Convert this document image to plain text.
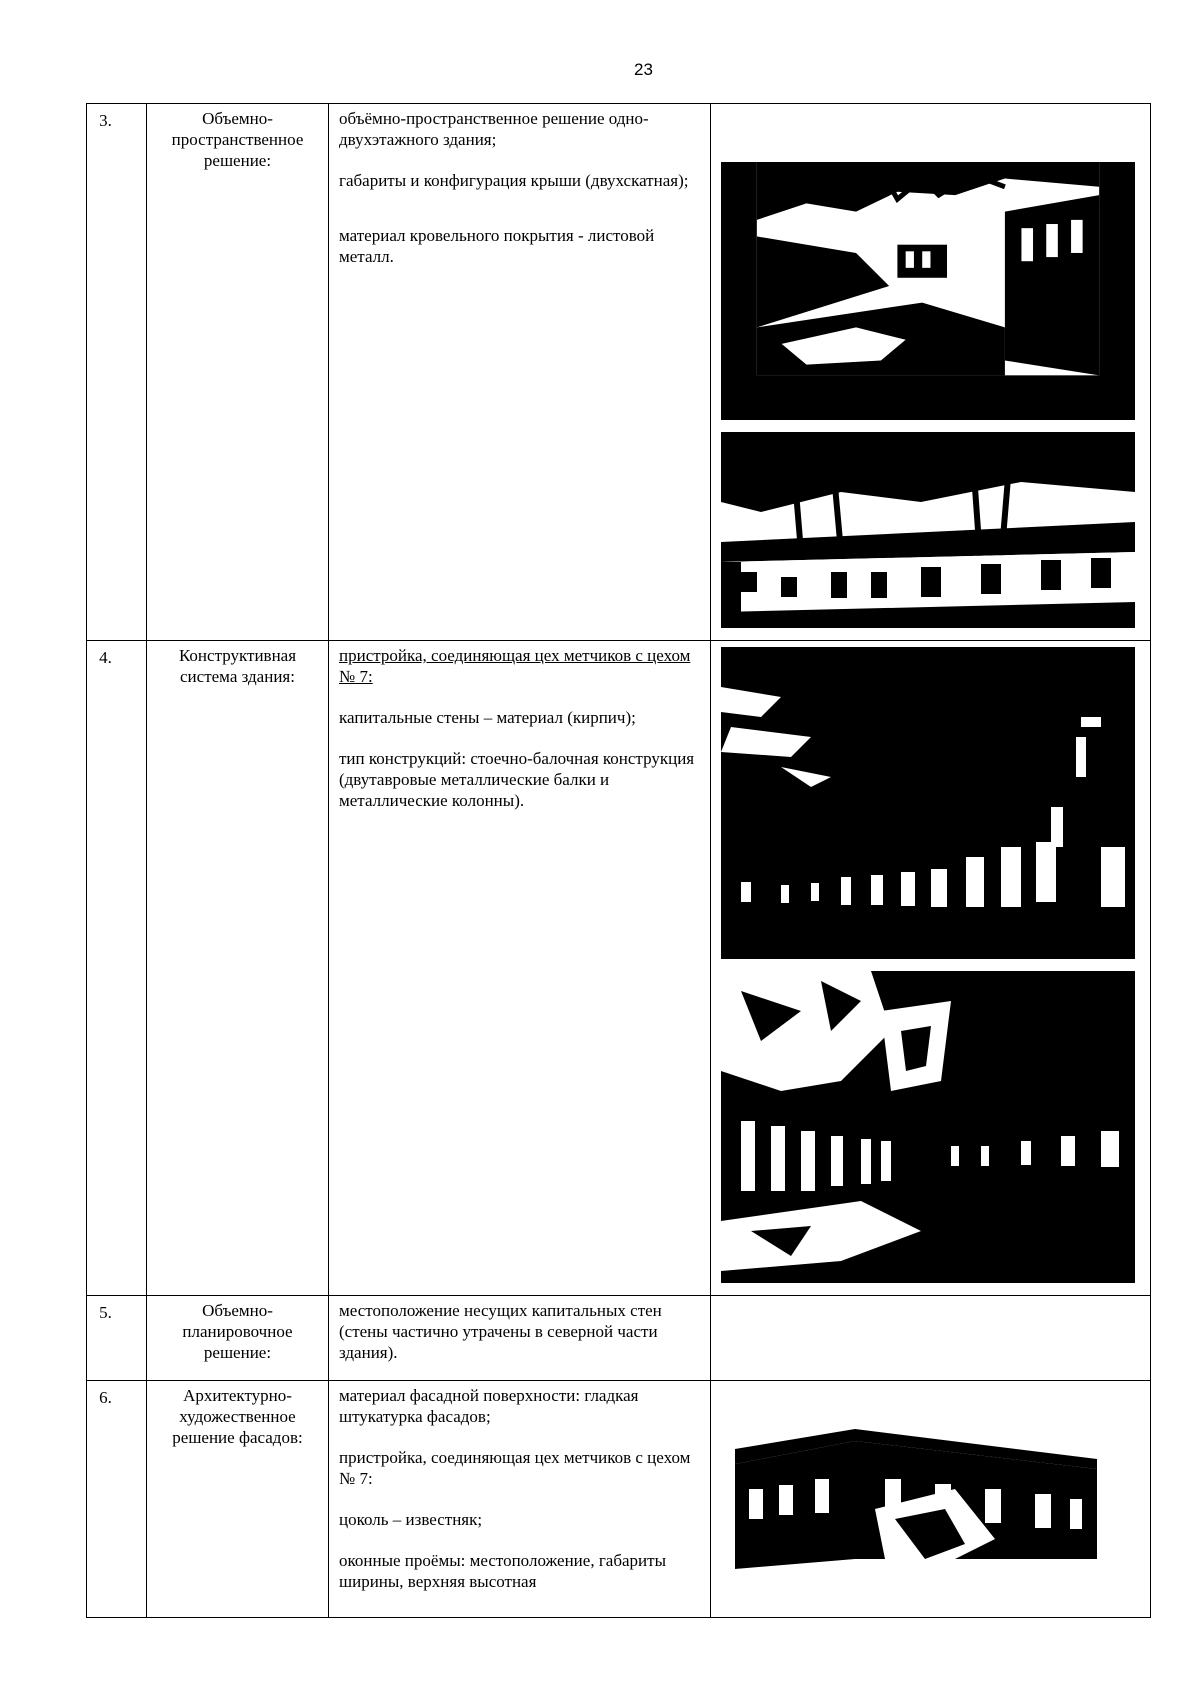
23
3.	Объемно-пространственное решение:	объёмно-пространственное решение одно-двухэтажного здания;

габариты и конфигурация крыши (двухскатная);

материал кровельного покрытия - листовой металл.

4.	Конструктивная система здания:	пристройка, соединяющая цех метчиков с цехом № 7:

капитальные стены – материал (кирпич);

тип конструкций: стоечно-балочная конструкция (двутавровые металлические балки и металлические колонны).

5.	Объемно-планировочное решение:	местоположение несущих капитальных стен (стены частично утрачены в северной части здания).	

6.	Архитектурно-художественное решение фасадов:	материал фасадной поверхности: гладкая штукатурка фасадов;

пристройка, соединяющая цех метчиков с цехом № 7:

цоколь – известняк;

оконные проёмы: местоположение, габариты ширины, верхняя высотная
